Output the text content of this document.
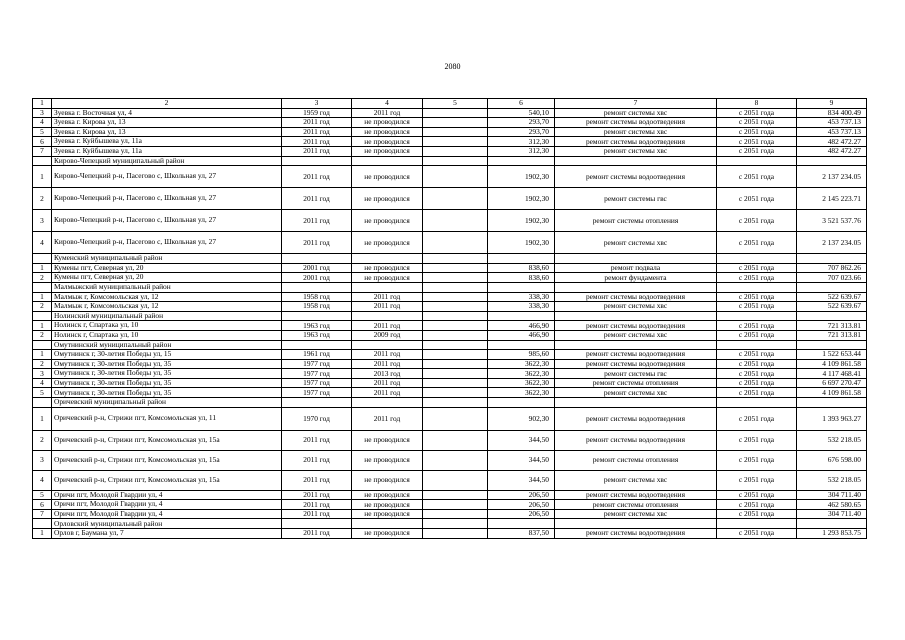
2080
1	2	3	4	5	6	7	8	9
3	Зуевка г. Восточная ул, 4	1959 год	2011 год		540,10	ремонт системы хвс	с 2051 года	834 400.49
4	Зуевка г. Кирова ул, 13	2011 год	не проводился		293,70	ремонт системы водоотведения	с 2051 года	453 737.13
5	Зуевка г. Кирова ул, 13	2011 год	не проводился		293,70	ремонт системы хвс	с 2051 года	453 737.13
6	Зуевка г. Куйбышева ул, 11а	2011 год	не проводился		312,30	ремонт системы водоотведения	с 2051 года	482 472.27
7	Зуевка г. Куйбышева ул, 11а	2011 год	не проводился		312,30	ремонт системы хвс	с 2051 года	482 472.27
	Кирово-Чепецкий муниципальный район							
1	Кирово-Чепецкий р-н, Пасегово с, Школьная ул, 27	2011 год	не проводился		1902,30	ремонт системы водоотведения	с 2051 года	2 137 234.05
2	Кирово-Чепецкий р-н, Пасегово с, Школьная ул, 27	2011 год	не проводился		1902,30	ремонт системы гвс	с 2051 года	2 145 223.71
3	Кирово-Чепецкий р-н, Пасегово с, Школьная ул, 27	2011 год	не проводился		1902,30	ремонт системы отопления	с 2051 года	3 521 537.76
4	Кирово-Чепецкий р-н, Пасегово с, Школьная ул, 27	2011 год	не проводился		1902,30	ремонт системы хвс	с 2051 года	2 137 234.05
	Куменский муниципальный район							
1	Кумены пгт, Северная ул, 20	2001 год	не проводился		838,60	ремонт подвала	с 2051 года	707 862.26
2	Кумены пгт, Северная ул, 20	2001 год	не проводился		838,60	ремонт фундамента	с 2051 года	707 023.66
	Малмыжский муниципальный район							
1	Малмыж г, Комсомольская ул, 12	1958 год	2011 год		338,30	ремонт системы водоотведения	с 2051 года	522 639.67
2	Малмыж г, Комсомольская ул, 12	1958 год	2011 год		338,30	ремонт системы хвс	с 2051 года	522 639.67
	Нолинский муниципальный район							
1	Нолинск г, Спартака ул, 10	1963 год	2011 год		466,90	ремонт системы водоотведения	с 2051 года	721 313.81
2	Нолинск г, Спартака ул, 10	1963 год	2009 год		466,90	ремонт системы хвс	с 2051 года	721 313.81
	Омутнинский муниципальный район							
1	Омутнинск г, 30-летия Победы ул, 15	1961 год	2011 год		985,60	ремонт системы водоотведения	с 2051 года	1 522 653.44
2	Омутнинск г, 30-летия Победы ул, 35	1977 год	2011 год		3622,30	ремонт системы водоотведения	с 2051 года	4 109 861.58
3	Омутнинск г, 30-летия Победы ул, 35	1977 год	2013 год		3622,30	ремонт системы гвс	с 2051 года	4 117 468.41
4	Омутнинск г, 30-летия Победы ул, 35	1977 год	2011 год		3622,30	ремонт системы отопления	с 2051 года	6 697 270.47
5	Омутнинск г, 30-летия Победы ул, 35	1977 год	2011 год		3622,30	ремонт системы хвс	с 2051 года	4 109 861.58
	Оричевский муниципальный район							
1	Оричевский р-н, Стрижи пгт, Комсомольская ул, 11	1970 год	2011 год		902,30	ремонт системы водоотведения	с 2051 года	1 393 963.27
2	Оричевский р-н, Стрижи пгт, Комсомольская ул, 15а	2011 год	не проводился		344,50	ремонт системы водоотведения	с 2051 года	532 218.05
3	Оричевский р-н, Стрижи пгт, Комсомольская ул, 15а	2011 год	не проводился		344,50	ремонт системы отопления	с 2051 года	676 598.00
4	Оричевский р-н, Стрижи пгт, Комсомольская ул, 15а	2011 год	не проводился		344,50	ремонт системы хвс	с 2051 года	532 218.05
5	Оричи пгт, Молодой Гвардии ул, 4	2011 год	не проводился		206,50	ремонт системы водоотведения	с 2051 года	304 711.40
6	Оричи пгт, Молодой Гвардии ул, 4	2011 год	не проводился		206,50	ремонт системы отопления	с 2051 года	462 580.65
7	Оричи пгт, Молодой Гвардии ул, 4	2011 год	не проводился		206,50	ремонт системы хвс	с 2051 года	304 711.40
	Орловский муниципальный район							
1	Орлов г, Баумана ул, 7	2011 год	не проводился		837,50	ремонт системы водоотведения	с 2051 года	1 293 853.75
